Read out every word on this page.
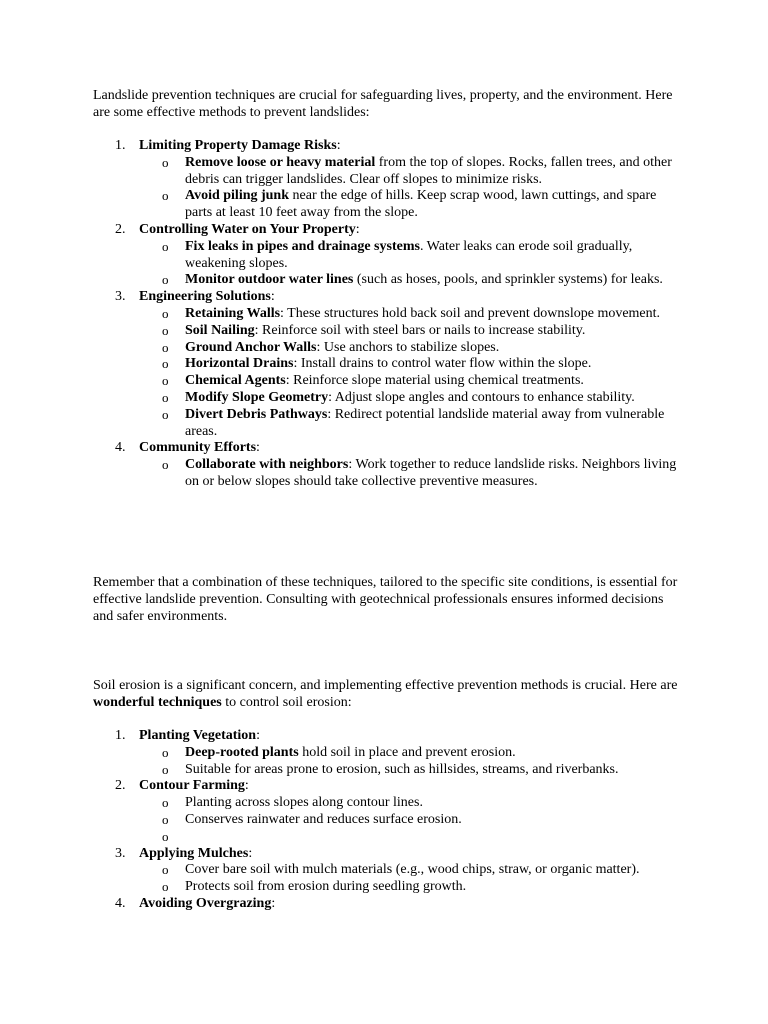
Landslide prevention techniques are crucial for safeguarding lives, property, and the environment. Here are some effective methods to prevent landslides:

1. Limiting Property Damage Risks:
o Remove loose or heavy material from the top of slopes. Rocks, fallen trees, and other debris can trigger landslides. Clear off slopes to minimize risks.
o Avoid piling junk near the edge of hills. Keep scrap wood, lawn cuttings, and spare parts at least 10 feet away from the slope.
2. Controlling Water on Your Property:
o Fix leaks in pipes and drainage systems. Water leaks can erode soil gradually, weakening slopes.
o Monitor outdoor water lines (such as hoses, pools, and sprinkler systems) for leaks.
3. Engineering Solutions:
o Retaining Walls: These structures hold back soil and prevent downslope movement.
o Soil Nailing: Reinforce soil with steel bars or nails to increase stability.
o Ground Anchor Walls: Use anchors to stabilize slopes.
o Horizontal Drains: Install drains to control water flow within the slope.
o Chemical Agents: Reinforce slope material using chemical treatments.
o Modify Slope Geometry: Adjust slope angles and contours to enhance stability.
o Divert Debris Pathways: Redirect potential landslide material away from vulnerable areas.
4. Community Efforts:
o Collaborate with neighbors: Work together to reduce landslide risks. Neighbors living on or below slopes should take collective preventive measures.

Remember that a combination of these techniques, tailored to the specific site conditions, is essential for effective landslide prevention. Consulting with geotechnical professionals ensures informed decisions and safer environments.

Soil erosion is a significant concern, and implementing effective prevention methods is crucial. Here are wonderful techniques to control soil erosion:

1. Planting Vegetation:
o Deep-rooted plants hold soil in place and prevent erosion.
o Suitable for areas prone to erosion, such as hillsides, streams, and riverbanks.
2. Contour Farming:
o Planting across slopes along contour lines.
o Conserves rainwater and reduces surface erosion.
o
3. Applying Mulches:
o Cover bare soil with mulch materials (e.g., wood chips, straw, or organic matter).
o Protects soil from erosion during seedling growth.
4. Avoiding Overgrazing:
